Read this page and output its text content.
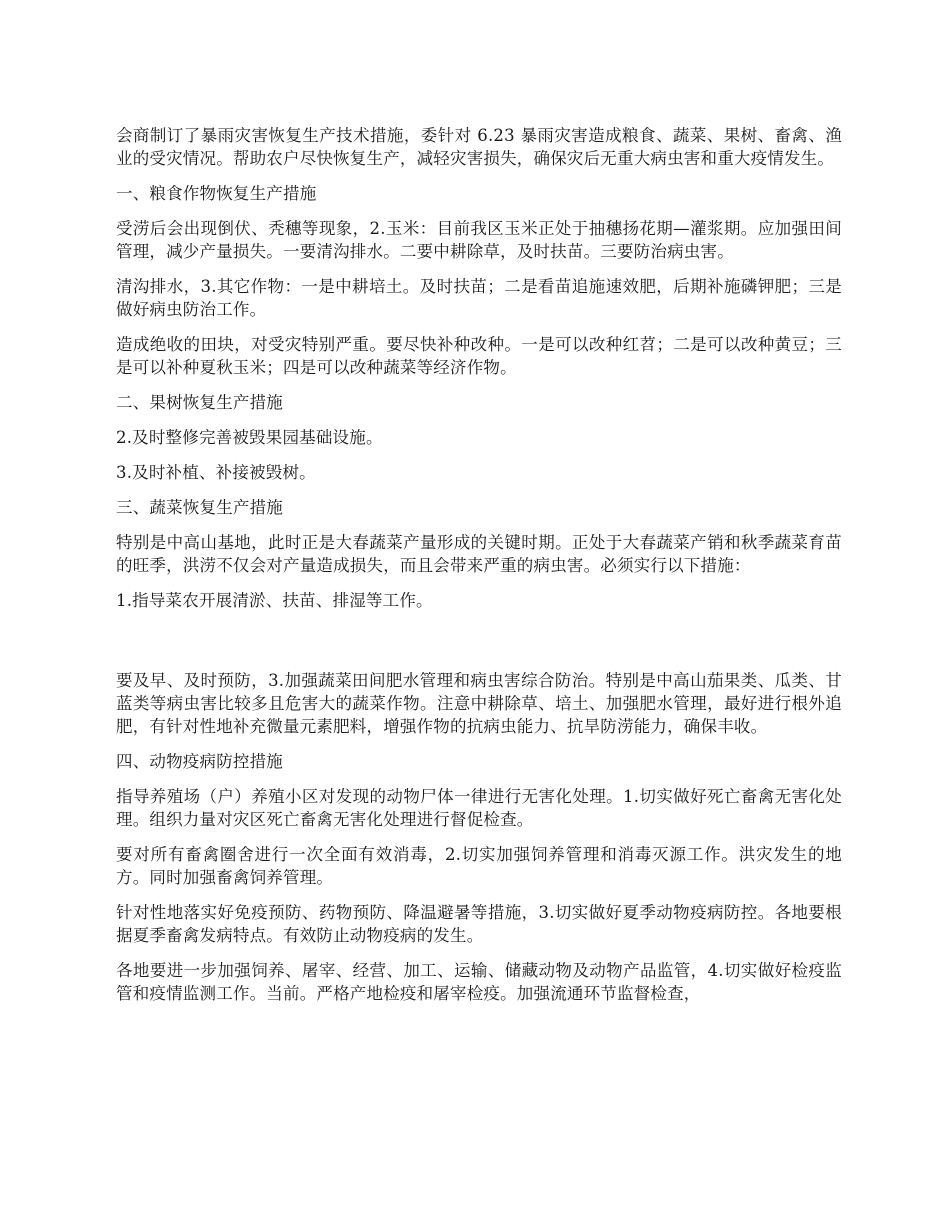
会商制订了暴雨灾害恢复生产技术措施，委针对 6.23 暴雨灾害造成粮食、蔬菜、果树、畜禽、渔业的受灾情况。帮助农户尽快恢复生产，减轻灾害损失，确保灾后无重大病虫害和重大疫情发生。

一、粮食作物恢复生产措施

受涝后会出现倒伏、秃穗等现象，2.玉米：目前我区玉米正处于抽穗扬花期—灌浆期。应加强田间管理，减少产量损失。一要清沟排水。二要中耕除草，及时扶苗。三要防治病虫害。

清沟排水，3.其它作物：一是中耕培土。及时扶苗；二是看苗追施速效肥，后期补施磷钾肥；三是做好病虫防治工作。

造成绝收的田块，对受灾特别严重。要尽快补种改种。一是可以改种红苕；二是可以改种黄豆；三是可以补种夏秋玉米；四是可以改种蔬菜等经济作物。

二、果树恢复生产措施

2.及时整修完善被毁果园基础设施。

3.及时补植、补接被毁树。

三、蔬菜恢复生产措施

特别是中高山基地，此时正是大春蔬菜产量形成的关键时期。正处于大春蔬菜产销和秋季蔬菜育苗的旺季，洪涝不仅会对产量造成损失，而且会带来严重的病虫害。必须实行以下措施：

1.指导菜农开展清淤、扶苗、排湿等工作。

要及早、及时预防，3.加强蔬菜田间肥水管理和病虫害综合防治。特别是中高山茄果类、瓜类、甘蓝类等病虫害比较多且危害大的蔬菜作物。注意中耕除草、培土、加强肥水管理，最好进行根外追肥，有针对性地补充微量元素肥料，增强作物的抗病虫能力、抗旱防涝能力，确保丰收。

四、动物疫病防控措施

指导养殖场（户）养殖小区对发现的动物尸体一律进行无害化处理。1.切实做好死亡畜禽无害化处理。组织力量对灾区死亡畜禽无害化处理进行督促检查。

要对所有畜禽圈舍进行一次全面有效消毒，2.切实加强饲养管理和消毒灭源工作。洪灾发生的地方。同时加强畜禽饲养管理。

针对性地落实好免疫预防、药物预防、降温避暑等措施，3.切实做好夏季动物疫病防控。各地要根据夏季畜禽发病特点。有效防止动物疫病的发生。

各地要进一步加强饲养、屠宰、经营、加工、运输、储藏动物及动物产品监管，4.切实做好检疫监管和疫情监测工作。当前。严格产地检疫和屠宰检疫。加强流通环节监督检查，
